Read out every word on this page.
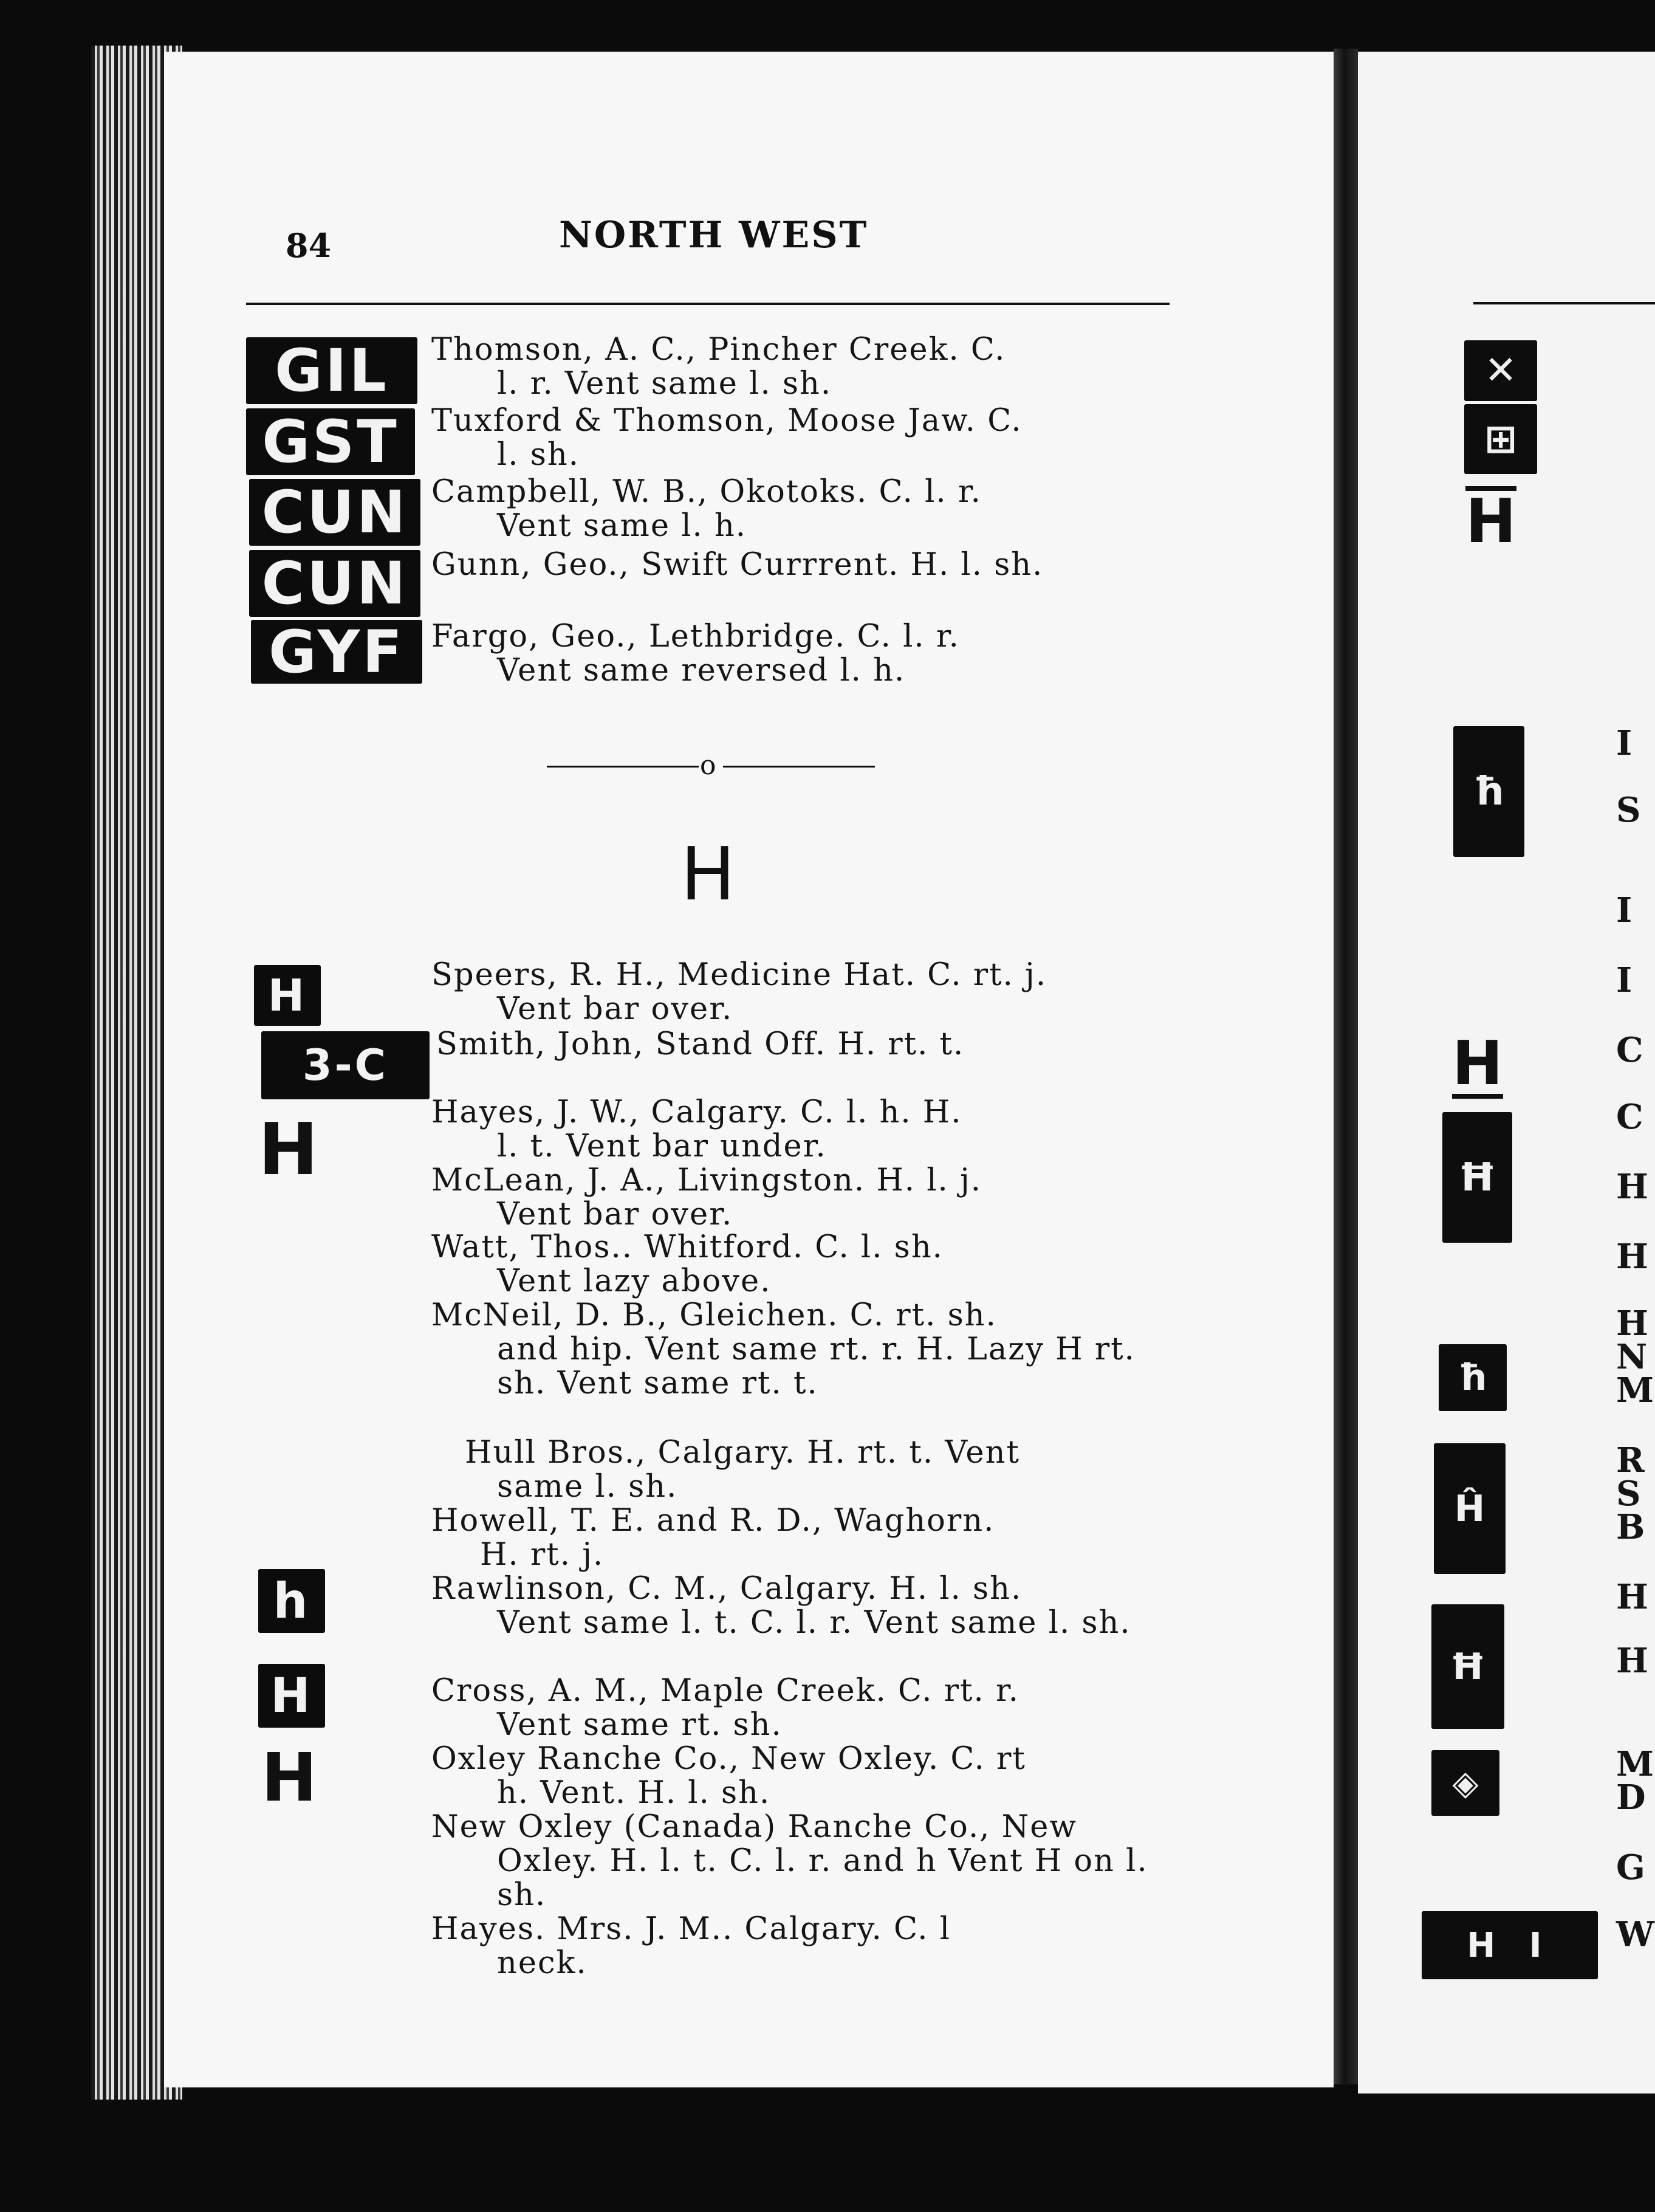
84	NORTH WEST
GIL
GST
CUN
CUN
GYF
Thomson, A. C., Pincher Creek. C.
l. r. Vent same l. sh.
Tuxford & Thomson, Moose Jaw. C.
l. sh.
Campbell, W. B., Okotoks. C. l. r.
Vent same l. h.
Gunn, Geo., Swift Currrent. H. l. sh.
Fargo, Geo., Lethbridge. C. l. r.
Vent same reversed l. h.
o
H
H
3-C
H
h
H
H
Speers, R. H., Medicine Hat. C. rt. j.
Vent bar over.
Smith, John, Stand Off. H. rt. t.
Hayes, J. W., Calgary. C. l. h. H.
l. t. Vent bar under.
McLean, J. A., Livingston. H. l. j.
Vent bar over.
Watt, Thos.. Whitford. C. l. sh.
Vent lazy above.
McNeil, D. B., Gleichen. C. rt. sh.
and hip. Vent same rt. r. H. Lazy H rt. sh. Vent same rt. t.
Hull Bros., Calgary. H. rt. t. Vent
same l. sh.
Howell, T. E. and R. D., Waghorn.
H. rt. j.
Rawlinson, C. M., Calgary. H. l. sh.
Vent same l. t. C. l. r. Vent same l. sh.
Cross, A. M., Maple Creek. C. rt. r.
Vent same rt. sh.
Oxley Ranche Co., New Oxley. C. rt
h. Vent. H. l. sh.
New Oxley (Canada) Ranche Co., New
Oxley. H. l. t. C. l. r. and h Vent H on l. sh.
Hayes. Mrs. J. M.. Calgary. C. l
neck.
✕
⊞
H
ħ
H
Ħ
ħ
Ĥ
Ħ
◈
H I
I
S
I
I
C
C
H
H
H
N
M
R
S
B
H
H
M
D
G
W
